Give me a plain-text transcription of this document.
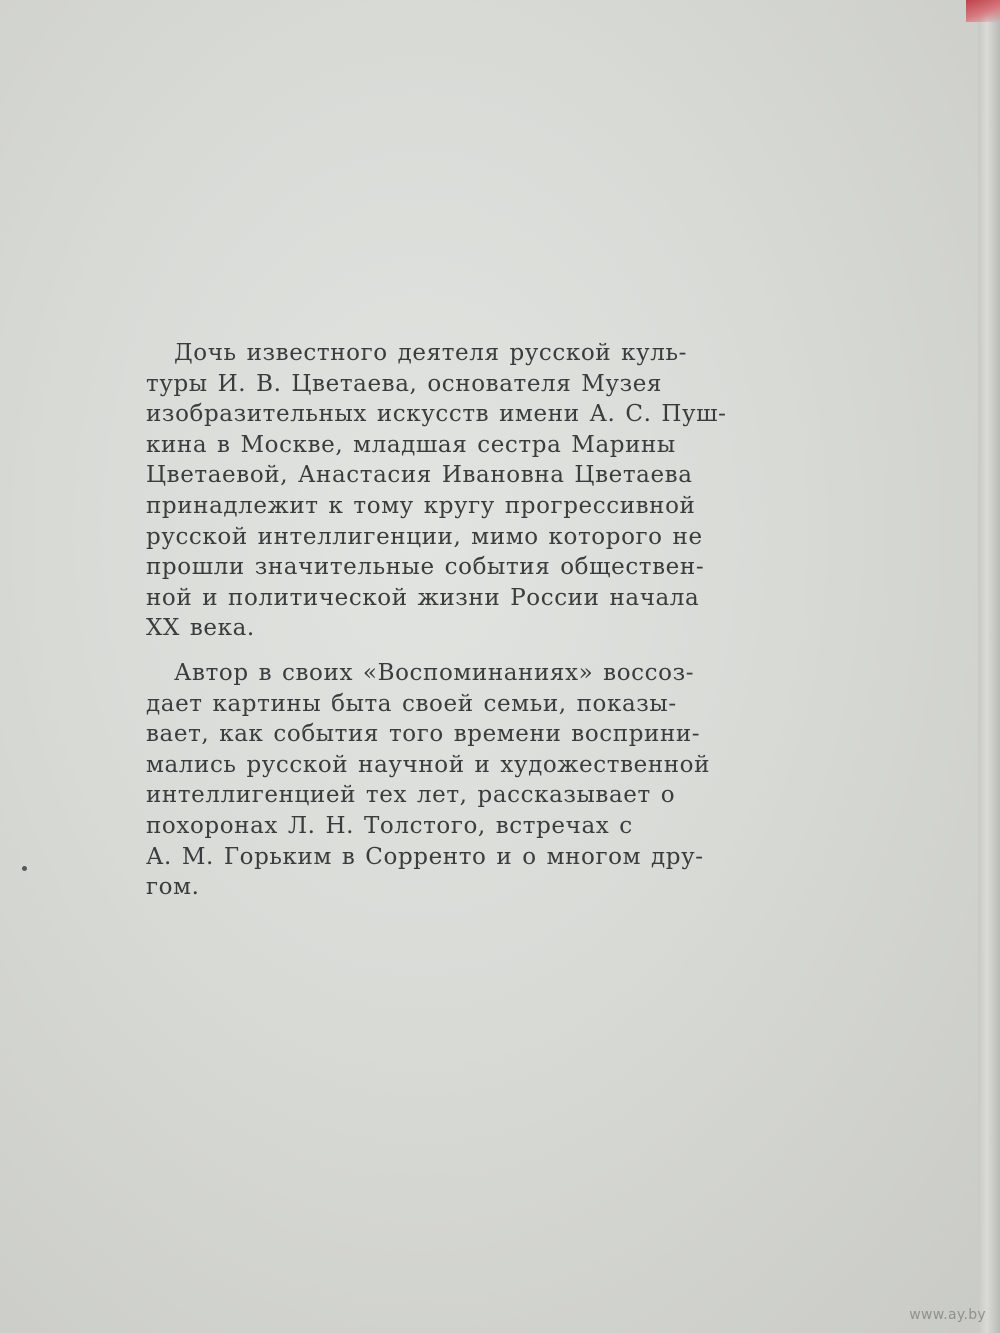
Дочь известного деятеля русской куль-
туры И. В. Цветаева, основателя Музея
изобразительных искусств имени А. С. Пуш-
кина в Москве, младшая сестра Марины
Цветаевой, Анастасия Ивановна Цветаева
принадлежит к тому кругу прогрессивной
русской интеллигенции, мимо которого не
прошли значительные события обществен-
ной и политической жизни России начала
XX века.

Автор в своих «Воспоминаниях» воссоз-
дает картины быта своей семьи, показы-
вает, как события того времени восприни-
мались русской научной и художественной
интеллигенцией тех лет, рассказывает о
похоронах Л. Н. Толстого, встречах с
А. М. Горьким в Сорренто и о многом дру-
гом.

www.ay.by
